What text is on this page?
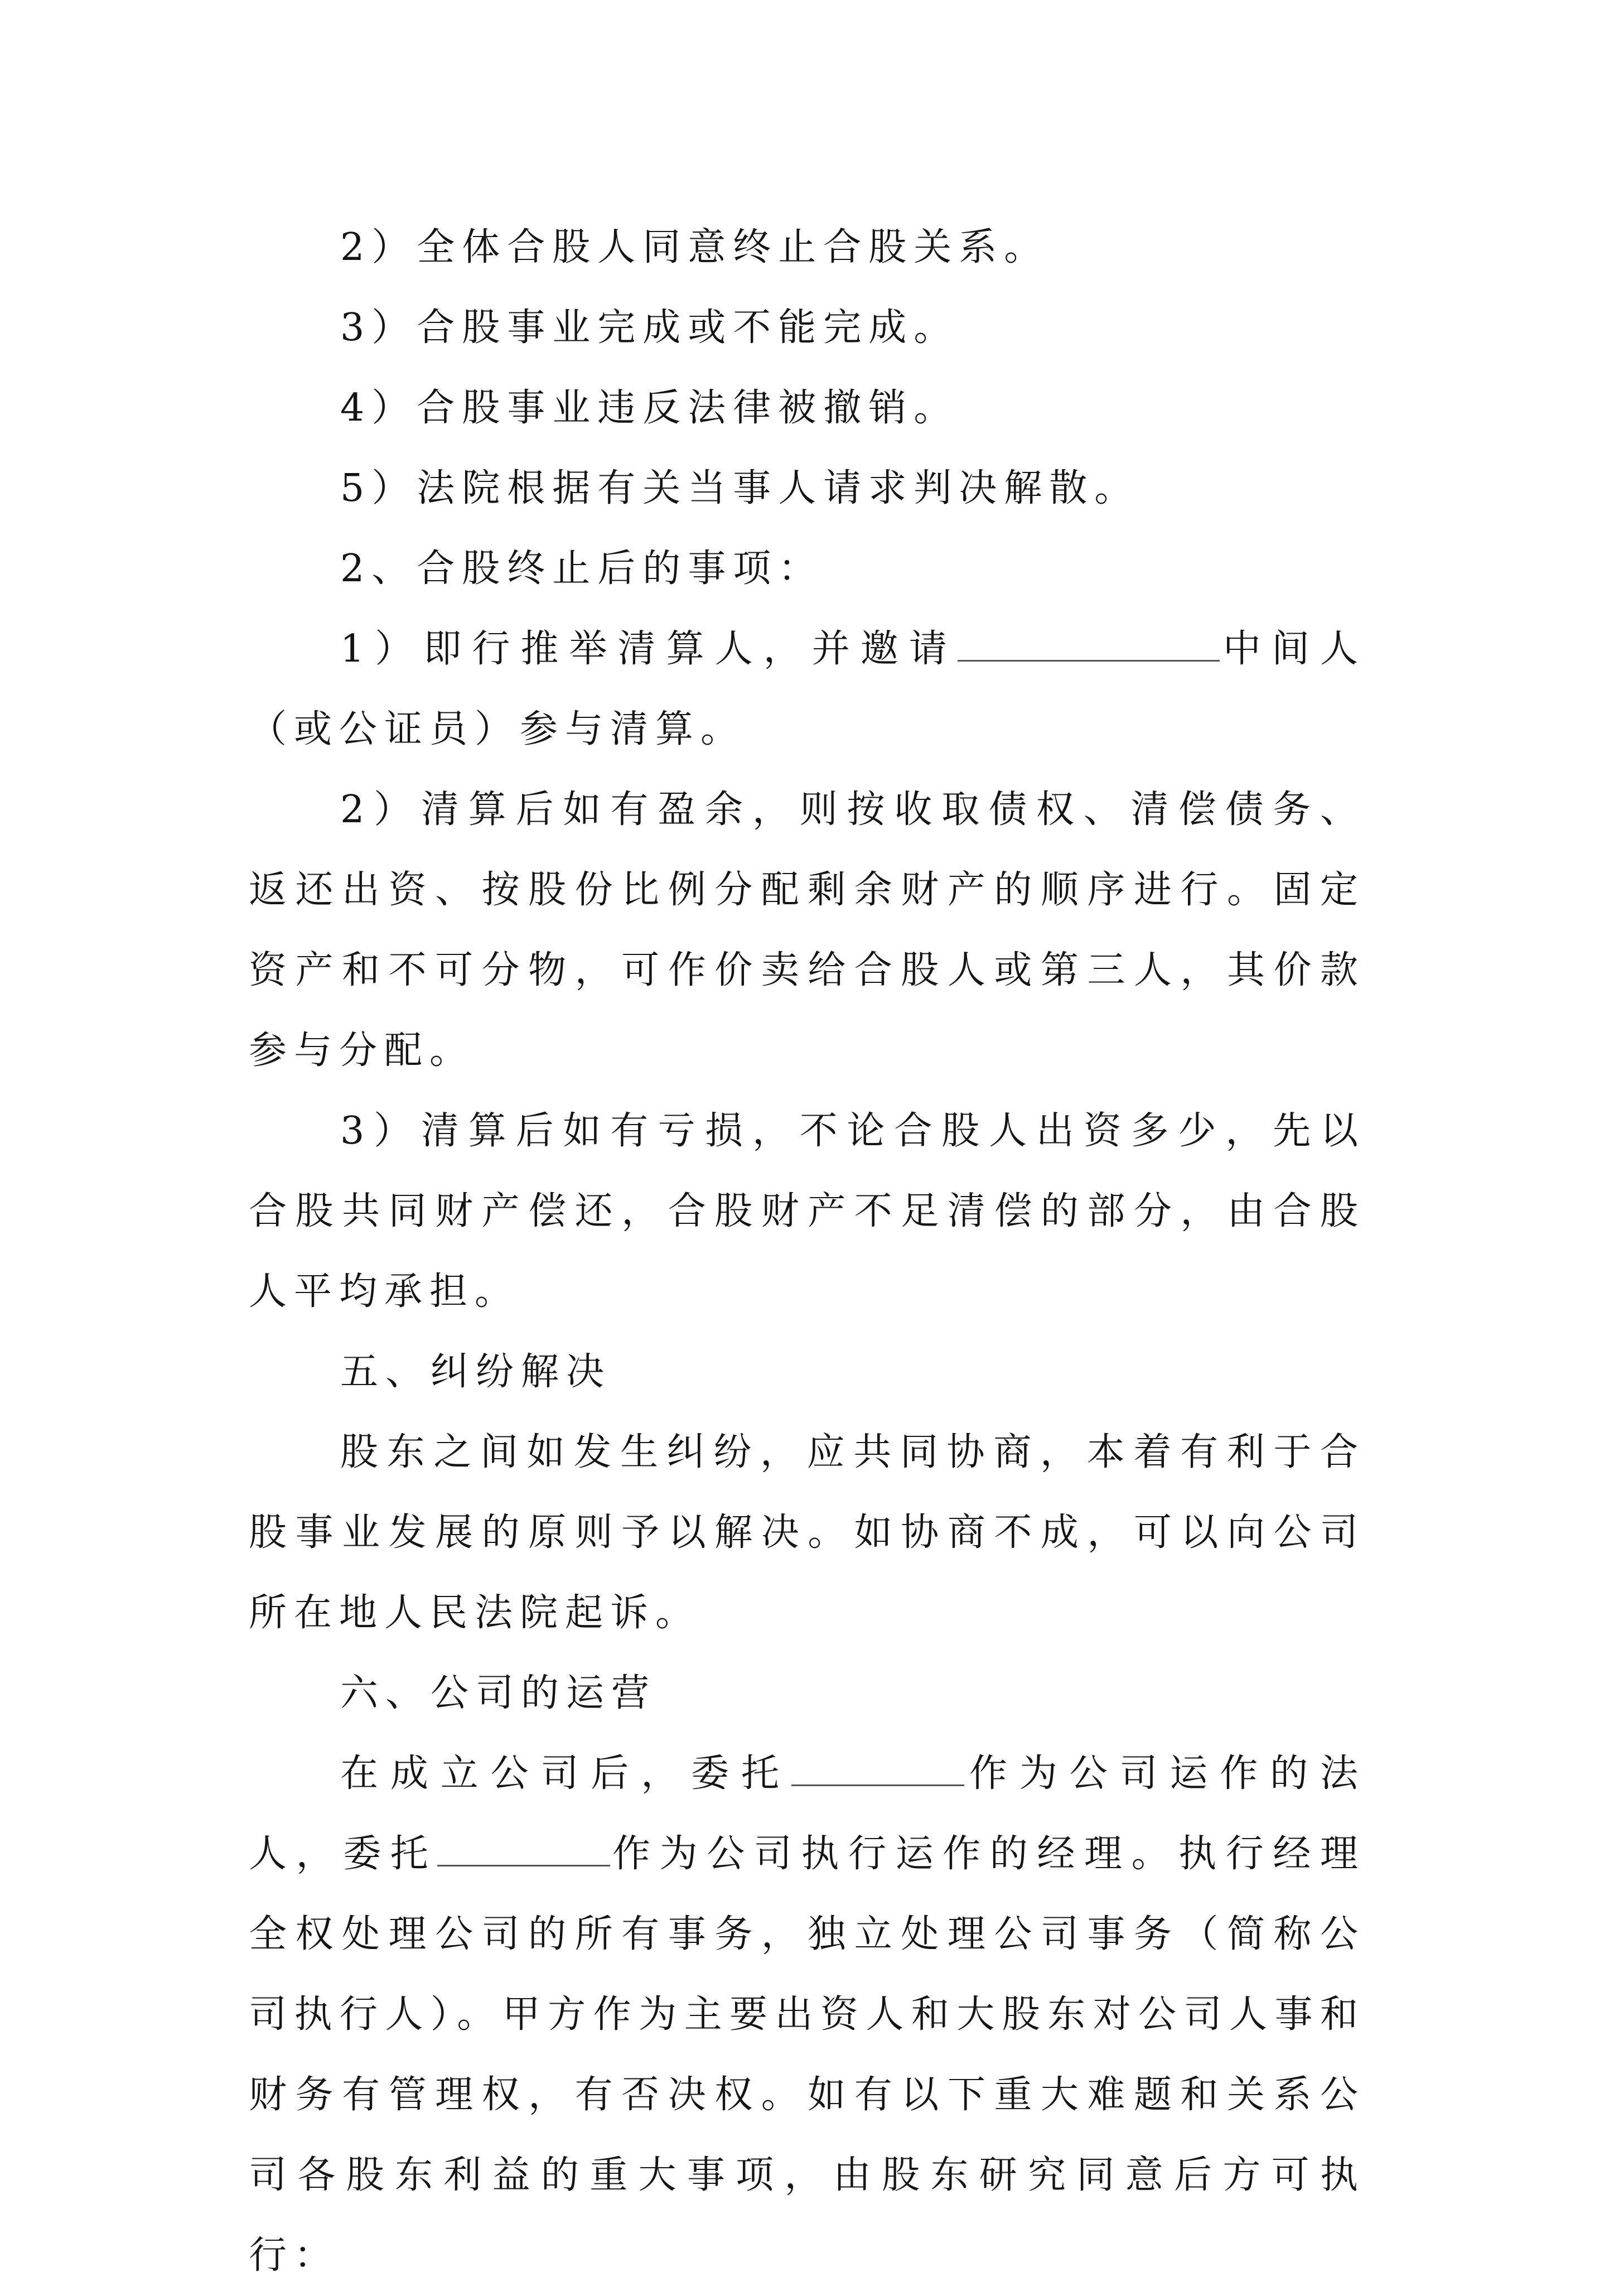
2）全体合股人同意终止合股关系。

3）合股事业完成或不能完成。

4）合股事业违反法律被撤销。

5）法院根据有关当事人请求判决解散。

2、合股终止后的事项：

1）即行推举清算人，并邀请	中间人（或公证员）参与清算。

2）清算后如有盈余，则按收取债权、清偿债务、返还出资、按股份比例分配剩余财产的顺序进行。固定资产和不可分物，可作价卖给合股人或第三人，其价款参与分配。

3）清算后如有亏损，不论合股人出资多少，先以合股共同财产偿还，合股财产不足清偿的部分，由合股人平均承担。

五、纠纷解决

股东之间如发生纠纷，应共同协商，本着有利于合股事业发展的原则予以解决。如协商不成，可以向公司所在地人民法院起诉。

六、公司的运营

在成立公司后，委托	作为公司运作的法人，委托	作为公司执行运作的经理。执行经理全权处理公司的所有事务，独立处理公司事务（简称公司执行人）。甲方作为主要出资人和大股东对公司人事和财务有管理权，有否决权。如有以下重大难题和关系公司各股东利益的重大事项，由股东研究同意后方可执行：
